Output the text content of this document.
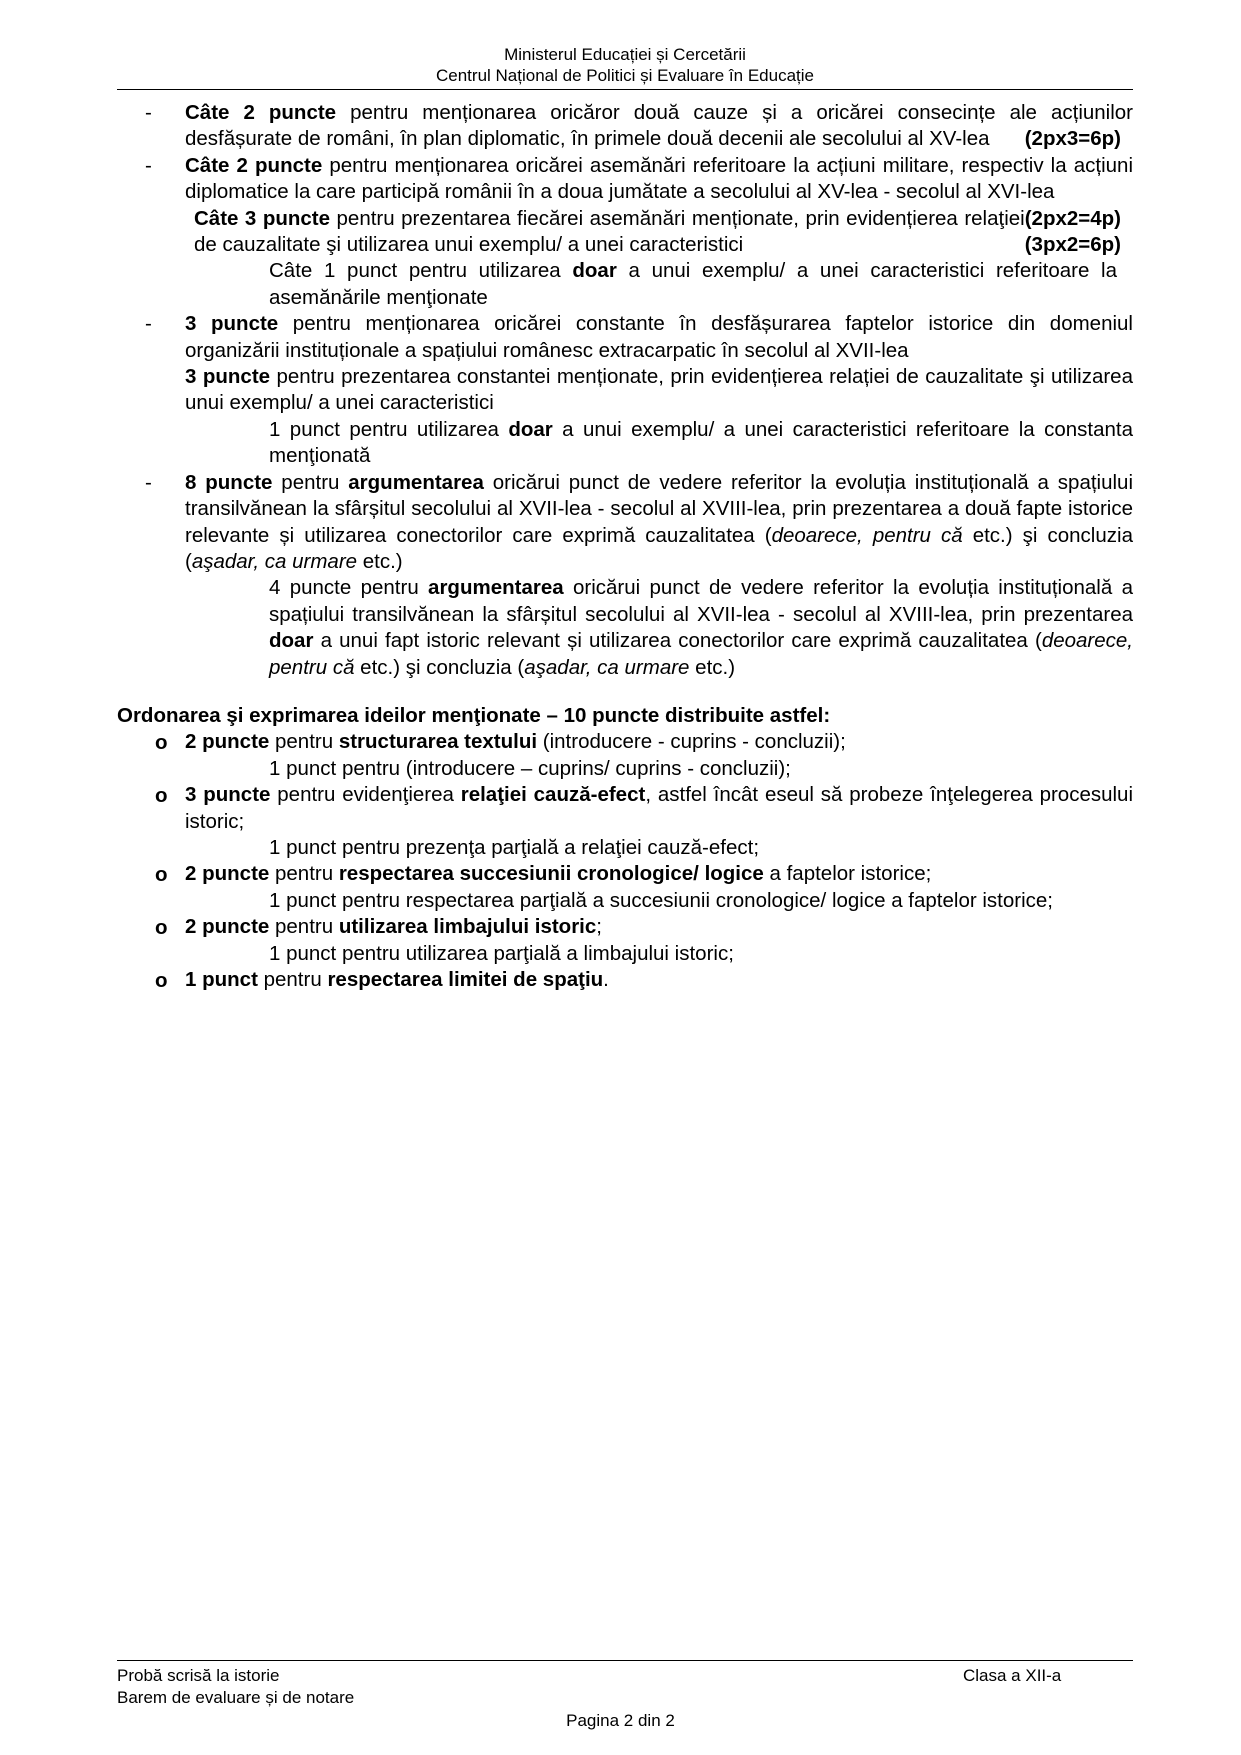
Ministerul Educației și Cercetării
Centrul Național de Politici și Evaluare în Educație
- Câte 2 puncte pentru menționarea oricăror două cauze și a oricărei consecințe ale acțiunilor desfășurate de români, în plan diplomatic, în primele două decenii ale secolului al XV-lea (2px3=6p)
- Câte 2 puncte pentru menționarea oricărei asemănări referitoare la acțiuni militare, respectiv la acțiuni diplomatice la care participă românii în a doua jumătate a secolului al XV-lea - secolul al XVI-lea
(2px2=4p)
Câte 3 puncte pentru prezentarea fiecărei asemănări menționate, prin evidențierea relaţiei de cauzalitate şi utilizarea unui exemplu/ a unei caracteristici	(3px2=6p)
Câte 1 punct pentru utilizarea doar a unui exemplu/ a unei caracteristici referitoare la asemănările menţionate
- 3 puncte pentru menționarea oricărei constante în desfășurarea faptelor istorice din domeniul organizării instituționale a spațiului românesc extracarpatic în secolul al XVII-lea
3 puncte pentru prezentarea constantei menționate, prin evidențierea relației de cauzalitate şi utilizarea unui exemplu/ a unei caracteristici
1 punct pentru utilizarea doar a unui exemplu/ a unei caracteristici referitoare la constanta menţionată
- 8 puncte pentru argumentarea oricărui punct de vedere referitor la evoluția instituțională a spațiului transilvănean la sfârșitul secolului al XVII-lea - secolul al XVIII-lea, prin prezentarea a două fapte istorice relevante și utilizarea conectorilor care exprimă cauzalitatea (deoarece, pentru că etc.) şi concluzia (aşadar, ca urmare etc.)
4 puncte pentru argumentarea oricărui punct de vedere referitor la evoluția instituțională a spațiului transilvănean la sfârșitul secolului al XVII-lea - secolul al XVIII-lea, prin prezentarea doar a unui fapt istoric relevant și utilizarea conectorilor care exprimă cauzalitatea (deoarece, pentru că etc.) şi concluzia (aşadar, ca urmare etc.)
Ordonarea şi exprimarea ideilor menţionate – 10 puncte distribuite astfel:
o 2 puncte pentru structurarea textului (introducere - cuprins - concluzii);
1 punct pentru (introducere – cuprins/ cuprins - concluzii);
o 3 puncte pentru evidenţierea relaţiei cauză-efect, astfel încât eseul să probeze înţelegerea procesului istoric;
1 punct pentru prezenţa parţială a relaţiei cauză-efect;
o 2 puncte pentru respectarea succesiunii cronologice/ logice a faptelor istorice;
1 punct pentru respectarea parţială a succesiunii cronologice/ logice a faptelor istorice;
o 2 puncte pentru utilizarea limbajului istoric;
1 punct pentru utilizarea parţială a limbajului istoric;
o 1 punct pentru respectarea limitei de spaţiu.
Probă scrisă la istorie
Barem de evaluare și de notare
Clasa a XII-a
Pagina 2 din 2
